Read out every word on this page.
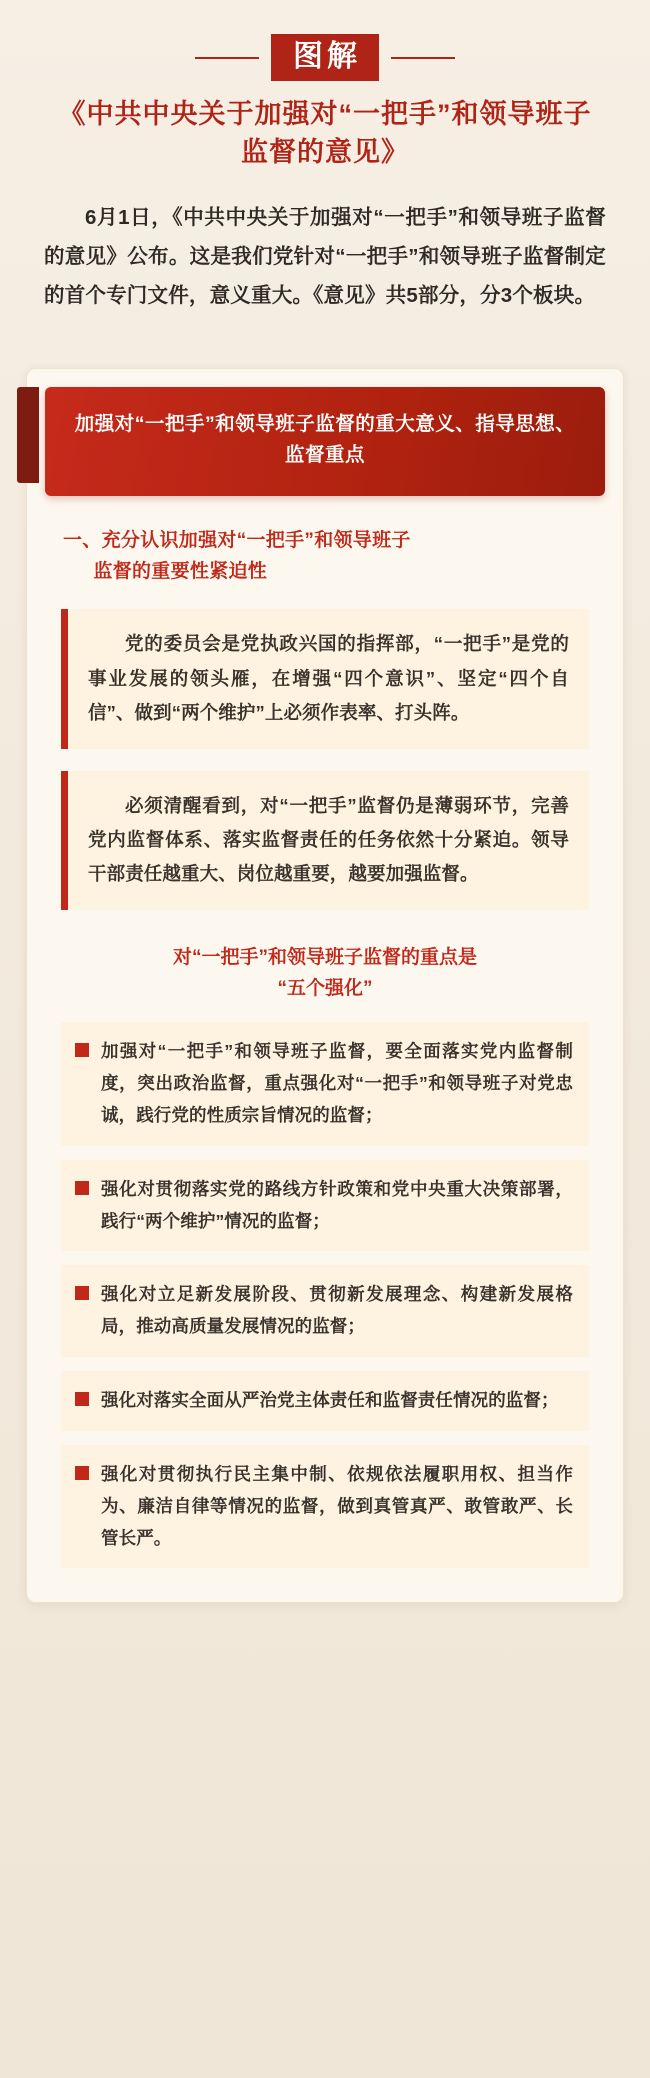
图解
《中共中央关于加强对“一把手”和领导班子监督的意见》

6月1日，《中共中央关于加强对“一把手”和领导班子监督的意见》公布。这是我们党针对“一把手”和领导班子监督制定的首个专门文件，意义重大。《意见》共5部分，分3个板块。

加强对“一把手”和领导班子监督的重大意义、指导思想、监督重点
一、充分认识加强对“一把手”和领导班子
监督的重要性紧迫性

党的委员会是党执政兴国的指挥部，“一把手”是党的事业发展的领头雁，在增强“四个意识”、坚定“四个自信”、做到“两个维护”上必须作表率、打头阵。

必须清醒看到，对“一把手”监督仍是薄弱环节，完善党内监督体系、落实监督责任的任务依然十分紧迫。领导干部责任越重大、岗位越重要，越要加强监督。

对“一把手”和领导班子监督的重点是
“五个强化”

加强对“一把手”和领导班子监督，要全面落实党内监督制度，突出政治监督，重点强化对“一把手”和领导班子对党忠诚，践行党的性质宗旨情况的监督；

强化对贯彻落实党的路线方针政策和党中央重大决策部署，践行“两个维护”情况的监督；

强化对立足新发展阶段、贯彻新发展理念、构建新发展格局，推动高质量发展情况的监督；

强化对落实全面从严治党主体责任和监督责任情况的监督；

强化对贯彻执行民主集中制、依规依法履职用权、担当作为、廉洁自律等情况的监督，做到真管真严、敢管敢严、长管长严。
